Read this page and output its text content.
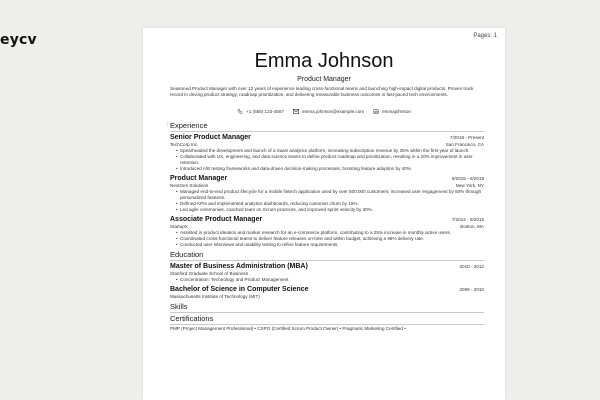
eycv	Pages: 1
Emma Johnson
Product Manager
Seasoned Product Manager with over 12 years of experience leading cross-functional teams and launching high-impact digital products. Proven track record in driving product strategy, roadmap prioritization, and delivering measurable business outcomes in fast-paced tech environments.
+1 (555) 123-4567	emma.johnson@example.com	emmajohnson
⋮ Experience
Senior Product Manager	7/2018 - Present
TechCorp Inc.	San Francisco, CA
• Spearheaded the development and launch of a SaaS analytics platform, increasing subscription revenue by 35% within the first year of launch.
• Collaborated with UX, engineering, and data science teams to define product roadmap and prioritization, resulting in a 20% improvement in user retention.
• Introduced A/B testing frameworks and data-driven decision-making processes, boosting feature adoption by 40%.
Product Manager	6/2015 - 6/2018
NextGen Solutions	New York, NY
• Managed end-to-end product lifecycle for a mobile fintech application used by over 500,000 customers; increased user engagement by 50% through personalized features.
• Defined KPIs and implemented analytics dashboards, reducing customer churn by 15%.
• Led agile ceremonies, coached team on Scrum practices, and improved sprint velocity by 30%.
Associate Product Manager	7/2012 - 5/2015
StartupX	Boston, MA
• Assisted in product ideation and market research for an e-commerce platform, contributing to a 25% increase in monthly active users.
• Coordinated cross-functional teams to deliver feature releases on-time and within budget, achieving a 98% delivery rate.
• Conducted user interviews and usability testing to refine feature requirements.
Education
Master of Business Administration (MBA)	2010 - 2012
Stanford Graduate School of Business
• Concentration: Technology and Product Management
Bachelor of Science in Computer Science	2006 - 2010
Massachusetts Institute of Technology (MIT)
Skills
Certifications
PMP (Project Management Professional) • CSPO (Certified Scrum Product Owner) • Pragmatic Marketing Certified •
